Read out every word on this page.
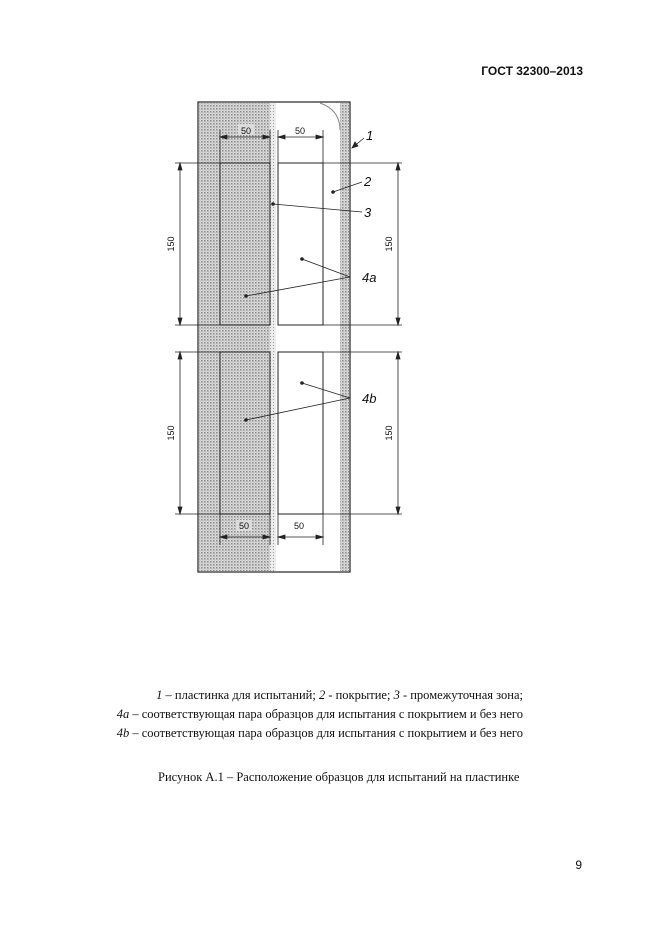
ГОСТ 32300–2013
50	50
150	150
150	150
50	50
1
2
3
4a
4b
1 – пластинка для испытаний; 2 - покрытие; 3 - промежуточная зона;
4a – соответствующая пара образцов для испытания с покрытием и без него
4b – соответствующая пара образцов для испытания с покрытием и без него
Рисунок А.1 – Расположение образцов для испытаний на пластинке
9
